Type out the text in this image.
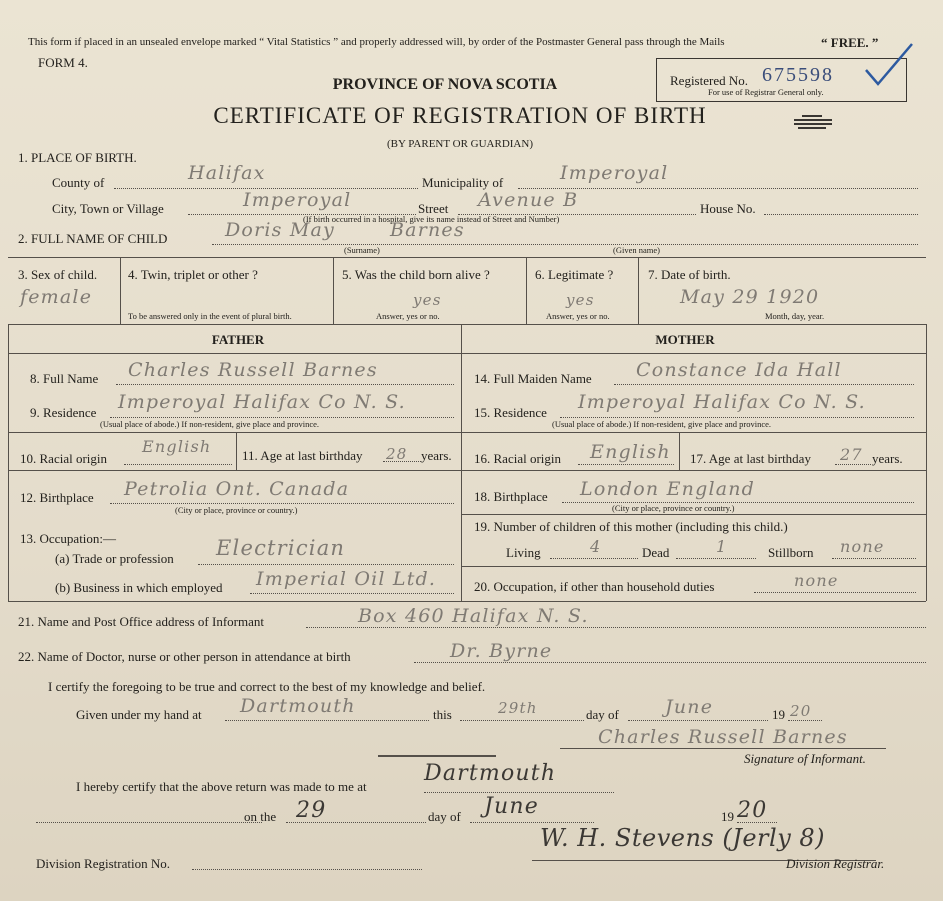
This form if placed in an unsealed envelope marked “ Vital Statistics ” and properly addressed will, by order of the Postmaster General pass through the Mails	“ FREE. ”
FORM 4.
PROVINCE OF NOVA SCOTIA
CERTIFICATE OF REGISTRATION OF BIRTH
(BY PARENT OR GUARDIAN)
Registered No. 675598
For use of Registrar General only.
1. PLACE OF BIRTH.
County of	Halifax	Municipality of	Imperoyal
City, Town or Village	Imperoyal	Street Avenue B	House No.
(If birth occurred in a hospital, give its name instead of Street and Number)
2. FULL NAME OF CHILD	Doris May	Barnes
(Surname)	(Given name)
3. Sex of child.
female
4. Twin, triplet or other ?
To be answered only in the event of plural birth.
5. Was the child born alive ?
yes
Answer, yes or no.
6. Legitimate ?
yes
Answer, yes or no.
7. Date of birth.
May 29 1920
Month, day, year.
FATHER	MOTHER
8. Full Name Charles Russell Barnes
9. Residence Imperoyal Halifax Co N. S.
(Usual place of abode.) If non-resident, give place and province.
10. Racial origin
English 11. Age at last birthday 28 years.
12. Birthplace Petrolia Ont. Canada
(City or place, province or country.)
13. Occupation:—
(a) Trade or profession Electrician
(b) Business in which employed Imperial Oil Ltd.
14. Full Maiden Name Constance Ida Hall
15. Residence Imperoyal Halifax Co N. S.
(Usual place of abode.) If non-resident, give place and province.
16. Racial origin English 17. Age at last birthday 27 years.
18. Birthplace London England
(City or place, province or country.)
19. Number of children of this mother (including this child.)
Living	4	Dead	1	Stillborn none
20. Occupation, if other than household duties	none
21. Name and Post Office address of Informant	Box 460 Halifax N. S.
22. Name of Doctor, nurse or other person in attendance at birth	Dr. Byrne
I certify the foregoing to be true and correct to the best of my knowledge and belief.
Given under my hand at Dartmouth	this	29th	day of June	19 20
Charles Russell Barnes
Signature of Informant.
I hereby certify that the above return was made to me at
Dartmouth
on the 29	day of June	19 20
Division Registration No.
W. H. Stevens (Jerly 8)
Division Registrar.
